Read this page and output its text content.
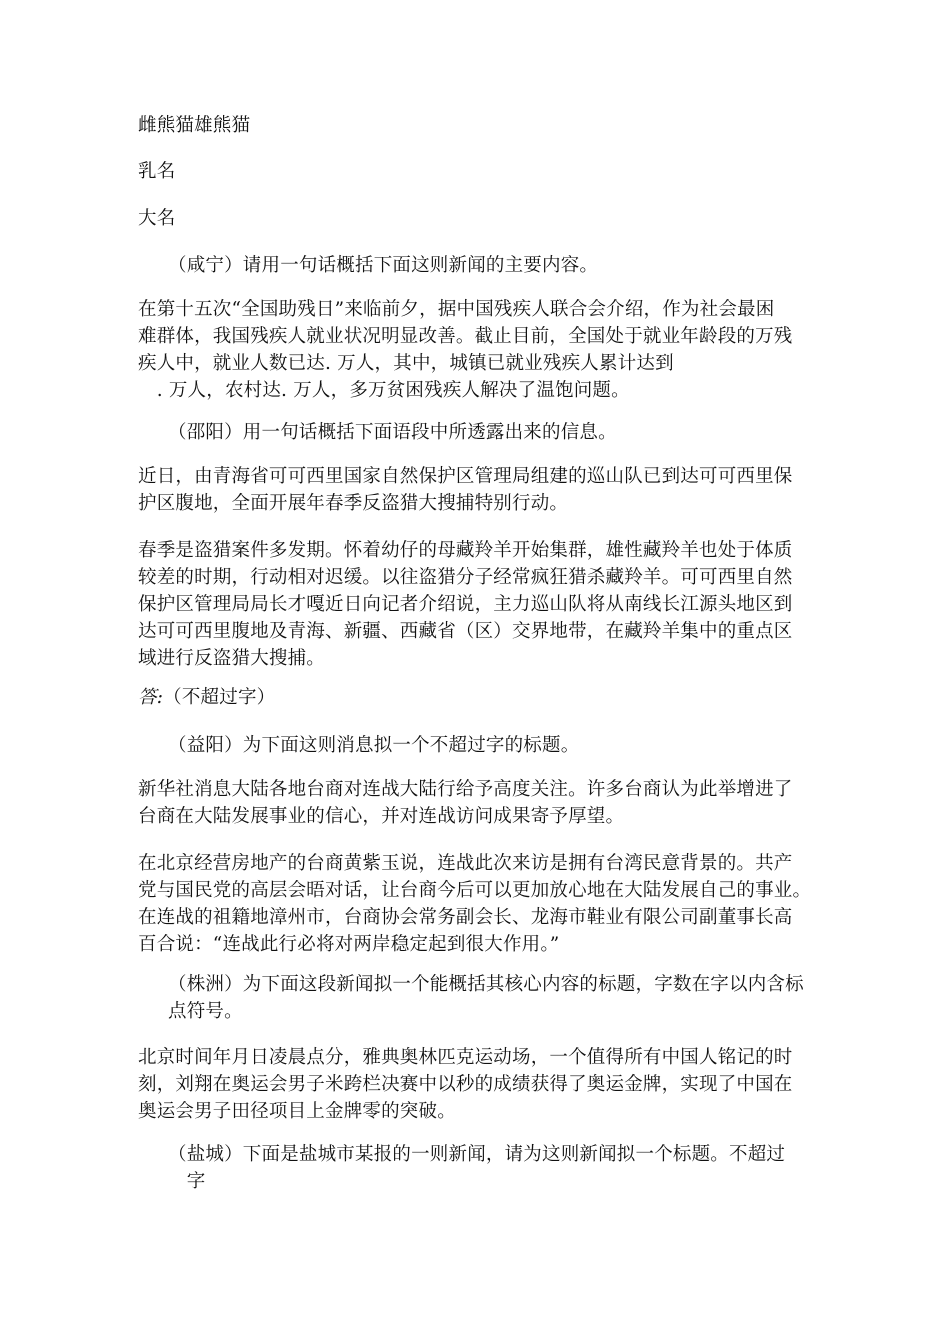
雌熊猫雄熊猫

乳名

大名

（咸宁）请用一句话概括下面这则新闻的主要内容。

在第十五次“全国助残日”来临前夕，据中国残疾人联合会介绍，作为社会最困
难群体，我国残疾人就业状况明显改善。截止目前，全国处于就业年龄段的万残
疾人中，就业人数已达. 万人，其中，城镇已就业残疾人累计达到
　. 万人，农村达. 万人，多万贫困残疾人解决了温饱问题。

（邵阳）用一句话概括下面语段中所透露出来的信息。

近日，由青海省可可西里国家自然保护区管理局组建的巡山队已到达可可西里保
护区腹地，全面开展年春季反盗猎大搜捕特别行动。

春季是盗猎案件多发期。怀着幼仔的母藏羚羊开始集群，雄性藏羚羊也处于体质
较差的时期，行动相对迟缓。以往盗猎分子经常疯狂猎杀藏羚羊。可可西里自然
保护区管理局局长才嘎近日向记者介绍说，主力巡山队将从南线长江源头地区到
达可可西里腹地及青海、新疆、西藏省（区）交界地带，在藏羚羊集中的重点区
域进行反盗猎大搜捕。

答:（不超过字）

（益阳）为下面这则消息拟一个不超过字的标题。

新华社消息大陆各地台商对连战大陆行给予高度关注。许多台商认为此举增进了
台商在大陆发展事业的信心，并对连战访问成果寄予厚望。

在北京经营房地产的台商黄紫玉说，连战此次来访是拥有台湾民意背景的。共产
党与国民党的高层会晤对话，让台商今后可以更加放心地在大陆发展自己的事业。
在连战的祖籍地漳州市，台商协会常务副会长、龙海市鞋业有限公司副董事长高
百合说：“连战此行必将对两岸稳定起到很大作用。”

（株洲）为下面这段新闻拟一个能概括其核心内容的标题，字数在字以内含标
点符号。

北京时间年月日凌晨点分，雅典奥林匹克运动场，一个值得所有中国人铭记的时
刻，刘翔在奥运会男子米跨栏决赛中以秒的成绩获得了奥运金牌，实现了中国在
奥运会男子田径项目上金牌零的突破。

（盐城）下面是盐城市某报的一则新闻，请为这则新闻拟一个标题。不超过
　字
